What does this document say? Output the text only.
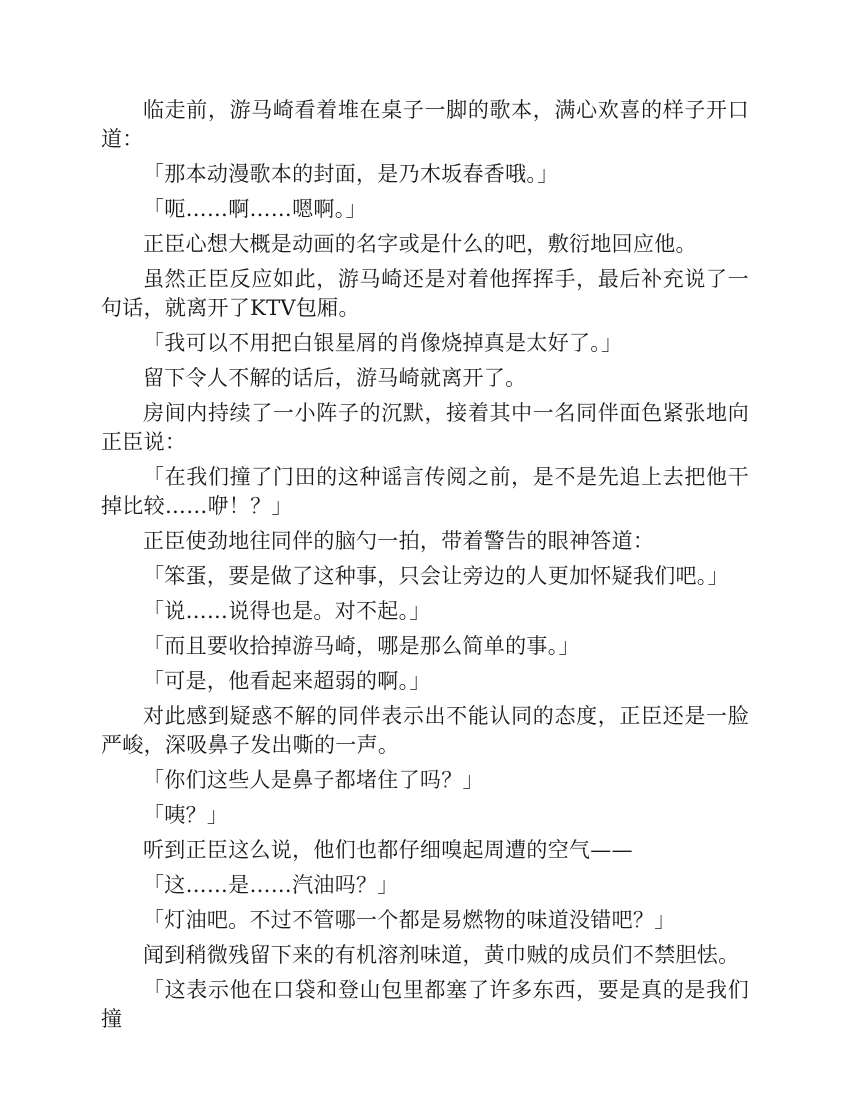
临走前，游马崎看着堆在桌子一脚的歌本，满心欢喜的样子开口道：

「那本动漫歌本的封面，是乃木坂春香哦。」

「呃……啊……嗯啊。」

正臣心想大概是动画的名字或是什么的吧，敷衍地回应他。

虽然正臣反应如此，游马崎还是对着他挥挥手，最后补充说了一句话，就离开了KTV包厢。

「我可以不用把白银星屑的肖像烧掉真是太好了。」

留下令人不解的话后，游马崎就离开了。

房间内持续了一小阵子的沉默，接着其中一名同伴面色紧张地向正臣说：

「在我们撞了门田的这种谣言传阅之前，是不是先追上去把他干掉比较……咿！？」

正臣使劲地往同伴的脑勺一拍，带着警告的眼神答道：

「笨蛋，要是做了这种事，只会让旁边的人更加怀疑我们吧。」

「说……说得也是。对不起。」

「而且要收拾掉游马崎，哪是那么简单的事。」

「可是，他看起来超弱的啊。」

对此感到疑惑不解的同伴表示出不能认同的态度，正臣还是一脸严峻，深吸鼻子发出嘶的一声。

「你们这些人是鼻子都堵住了吗？」

「咦？」

听到正臣这么说，他们也都仔细嗅起周遭的空气——

「这……是……汽油吗？」

「灯油吧。不过不管哪一个都是易燃物的味道没错吧？」

闻到稍微残留下来的有机溶剂味道，黄巾贼的成员们不禁胆怯。

「这表示他在口袋和登山包里都塞了许多东西，要是真的是我们撞
